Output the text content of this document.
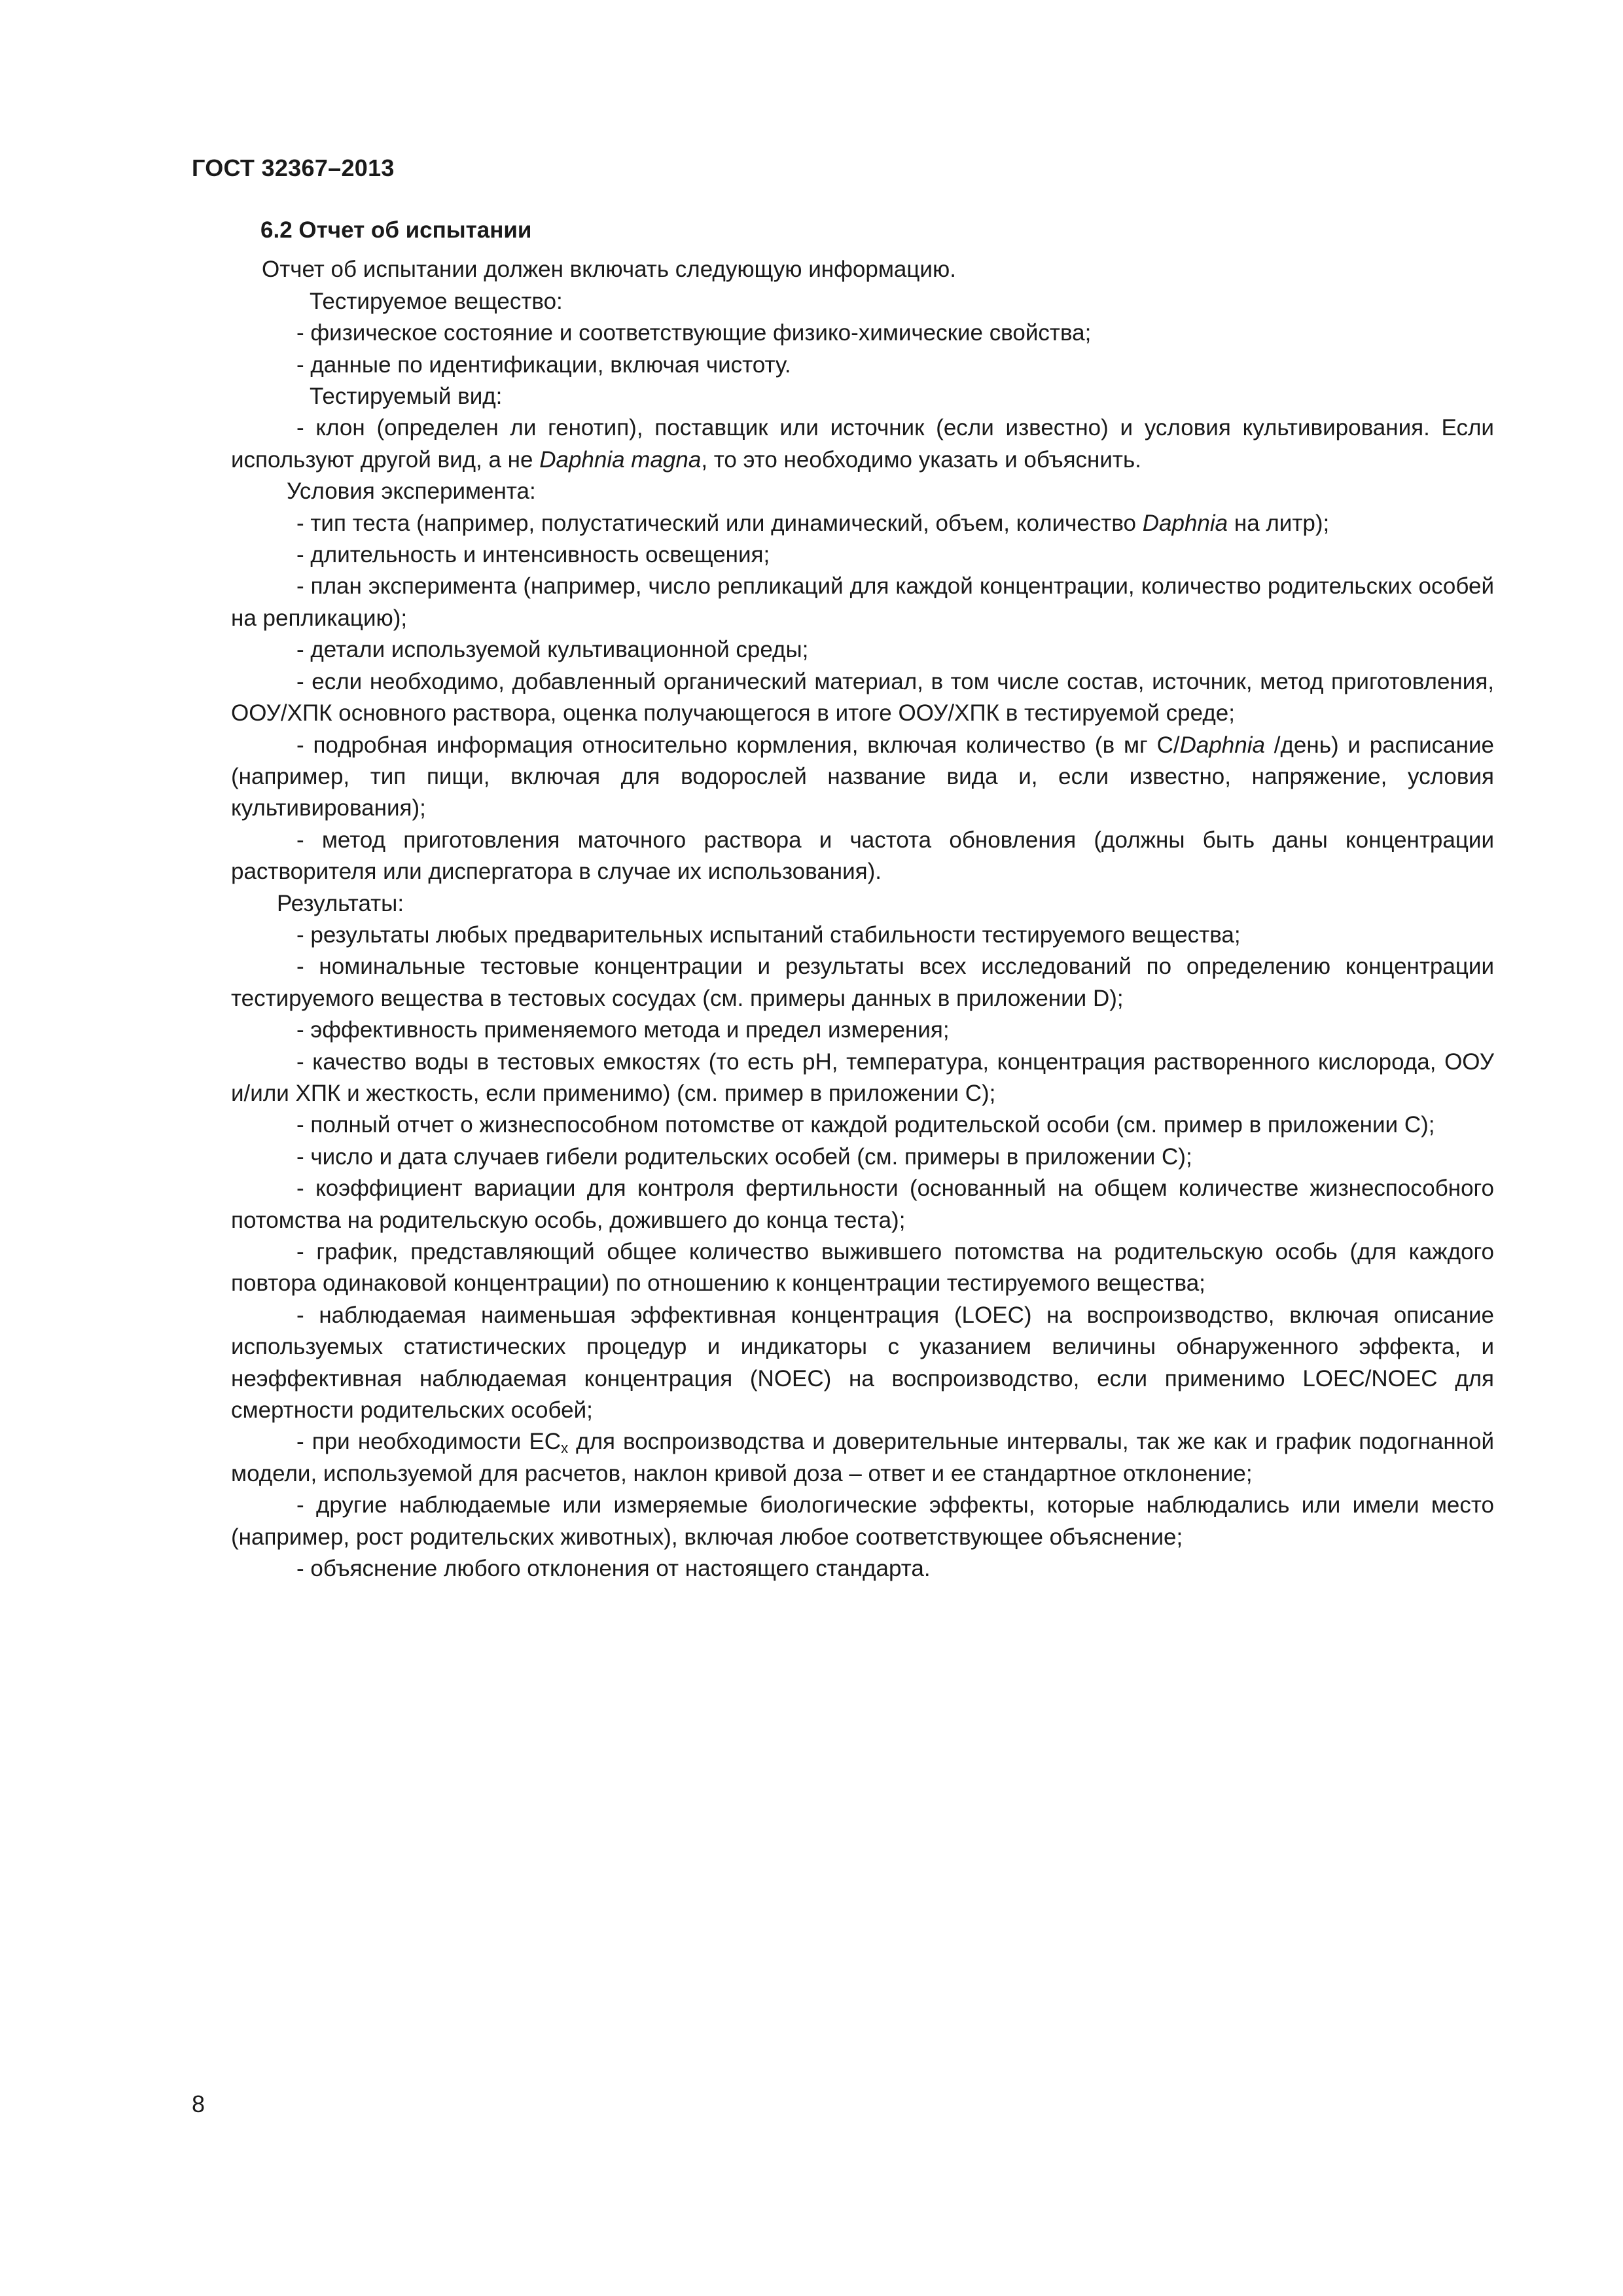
ГОСТ 32367–2013
6.2 Отчет об испытании
Отчет об испытании должен включать следующую информацию.
Тестируемое вещество:
- физическое состояние и соответствующие физико-химические свойства;
- данные по идентификации, включая чистоту.
Тестируемый вид:
- клон (определен ли генотип), поставщик или источник (если известно) и условия культивирования. Если используют другой вид, а не Daphnia magna, то это необходимо указать и объяснить.
Условия эксперимента:
- тип теста (например, полустатический или динамический, объем, количество Daphnia на литр);
- длительность и интенсивность освещения;
- план эксперимента (например, число репликаций для каждой концентрации, количество родительских особей на репликацию);
- детали используемой культивационной среды;
- если необходимо, добавленный органический материал, в том числе состав, источник, метод приготовления, ООУ/ХПК основного раствора, оценка получающегося в итоге ООУ/ХПК в тестируемой среде;
- подробная информация относительно кормления, включая количество (в мг С/Daphnia /день) и расписание (например, тип пищи, включая для водорослей название вида и, если известно, напряжение, условия культивирования);
- метод приготовления маточного раствора и частота обновления (должны быть даны концентрации растворителя или диспергатора в случае их использования).
Результаты:
- результаты любых предварительных испытаний стабильности тестируемого вещества;
- номинальные тестовые концентрации и результаты всех исследований по определению концентрации тестируемого вещества в тестовых сосудах (см. примеры данных в приложении D);
- эффективность применяемого метода и предел измерения;
- качество воды в тестовых емкостях (то есть рН, температура, концентрация растворенного кислорода, ООУ и/или ХПК и жесткость, если применимо) (см. пример в приложении С);
- полный отчет о жизнеспособном потомстве от каждой родительской особи (см. пример в приложении С);
- число и дата случаев гибели родительских особей (см. примеры в приложении С);
- коэффициент вариации для контроля фертильности (основанный на общем количестве жизнеспособного потомства на родительскую особь, дожившего до конца теста);
- график, представляющий общее количество выжившего потомства на родительскую особь (для каждого повтора одинаковой концентрации) по отношению к концентрации тестируемого вещества;
- наблюдаемая наименьшая эффективная концентрация (LOEC) на воспроизводство, включая описание используемых статистических процедур и индикаторы с указанием величины обнаруженного эффекта, и неэффективная наблюдаемая концентрация (NOEC) на воспроизводство, если применимо LOEC/NOEC для смертности родительских особей;
- при необходимости $EC_x$ для воспроизводства и доверительные интервалы, так же как и график подогнанной модели, используемой для расчетов, наклон кривой доза – ответ и ее стандартное отклонение;
- другие наблюдаемые или измеряемые биологические эффекты, которые наблюдались или имели место (например, рост родительских животных), включая любое соответствующее объяснение;
- объяснение любого отклонения от настоящего стандарта.
8
